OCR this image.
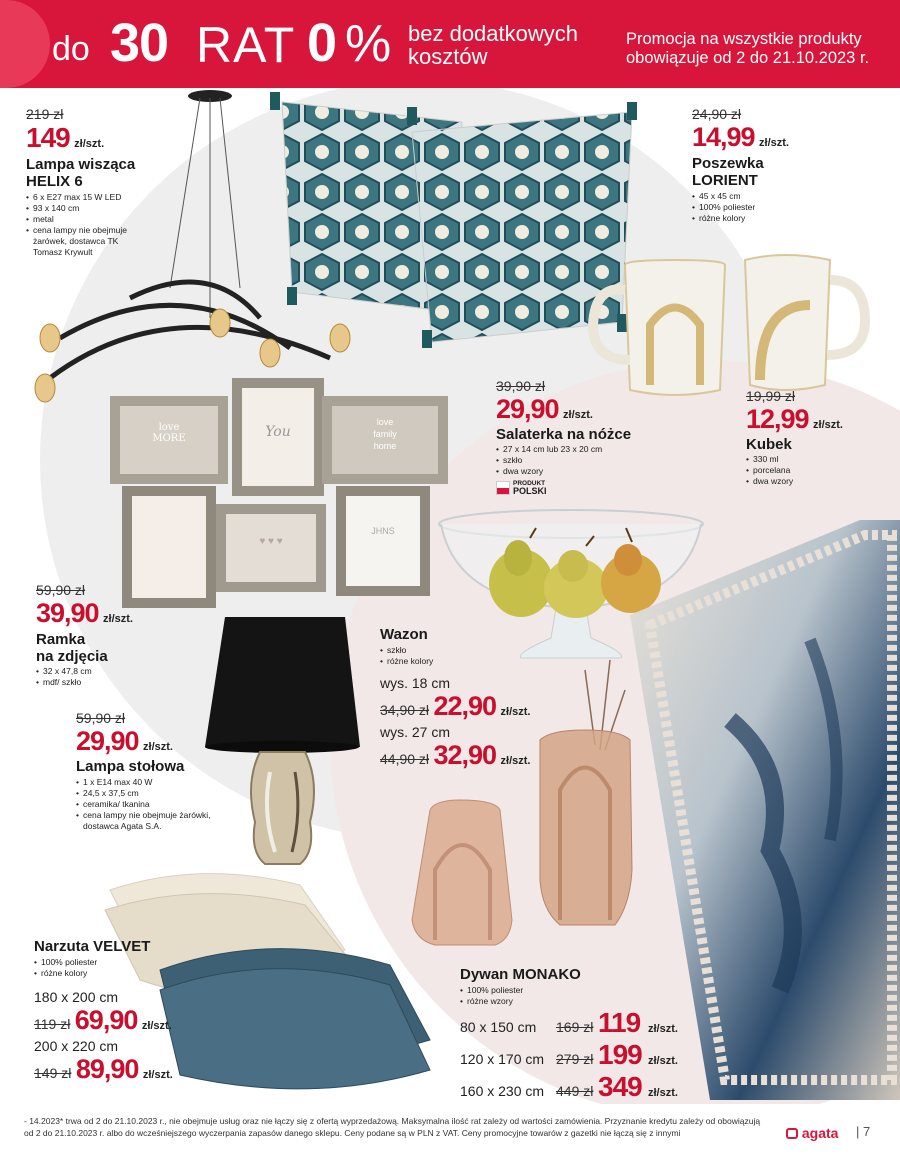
do 30 RAT 0 % bez dodatkowych
kosztów
Promocja na wszystkie produkty
obowiązuje od 2 do 21.10.2023 r.
love
MORE	You
love
family
home
♥ ♥ ♥
JHNS
219 zł
149 zł/szt.
Lampa wisząca
HELIX 6
• 6 x E27 max 15 W LED
• 93 x 140 cm
• metal
• cena lampy nie obejmuje żarówek, dostawca TK Tomasz Krywult
24,90 zł
14,99 zł/szt.
Poszewka
LORIENT
• 45 x 45 cm
• 100% poliester
• różne kolory
39,90 zł
29,90 zł/szt.
Salaterka na nóżce
• 27 x 14 cm lub 23 x 20 cm
• szkło
• dwa wzory
PRODUKT
POLSKI
19,99 zł
12,99 zł/szt.
Kubek
• 330 ml
• porcelana
• dwa wzory
59,90 zł
39,90 zł/szt.
Ramka
na zdjęcia
• 32 x 47,8 cm
• mdf/ szkło
Wazon
• szkło
• różne kolory
wys. 18 cm
34,90 zł 22,90 zł/szt.
wys. 27 cm
44,90 zł 32,90 zł/szt.
59,90 zł
29,90 zł/szt.
Lampa stołowa
• 1 x E14 max 40 W
• 24,5 x 37,5 cm
• ceramika/ tkanina
• cena lampy nie obejmuje żarówki, dostawca Agata S.A.
Narzuta VELVET
• 100% poliester
• różne kolory
180 x 200 cm
119 zł 69,90 zł/szt.
200 x 220 cm
149 zł 89,90 zł/szt.
Dywan MONAKO
• 100% poliester
• różne wzory
80 x 150 cm	169 zł 119 zł/szt.
120 x 170 cm 279 zł 199 zł/szt.
160 x 230 cm 449 zł 349 zł/szt.
- 14.2023* trwa od 2 do 21.10.2023 r., nie obejmuje usług oraz nie łączy się z ofertą wyprzedażową. Maksymalna ilość rat zależy od wartości zamówienia. Przyznanie kredytu zależy od obowiązują od 2 do 21.10.2023 r. albo do wcześniejszego wyczerpania zapasów danego sklepu. Ceny podane są w PLN z VAT. Ceny promocyjne towarów z gazetki nie łączą się z innymi	agata | 7
